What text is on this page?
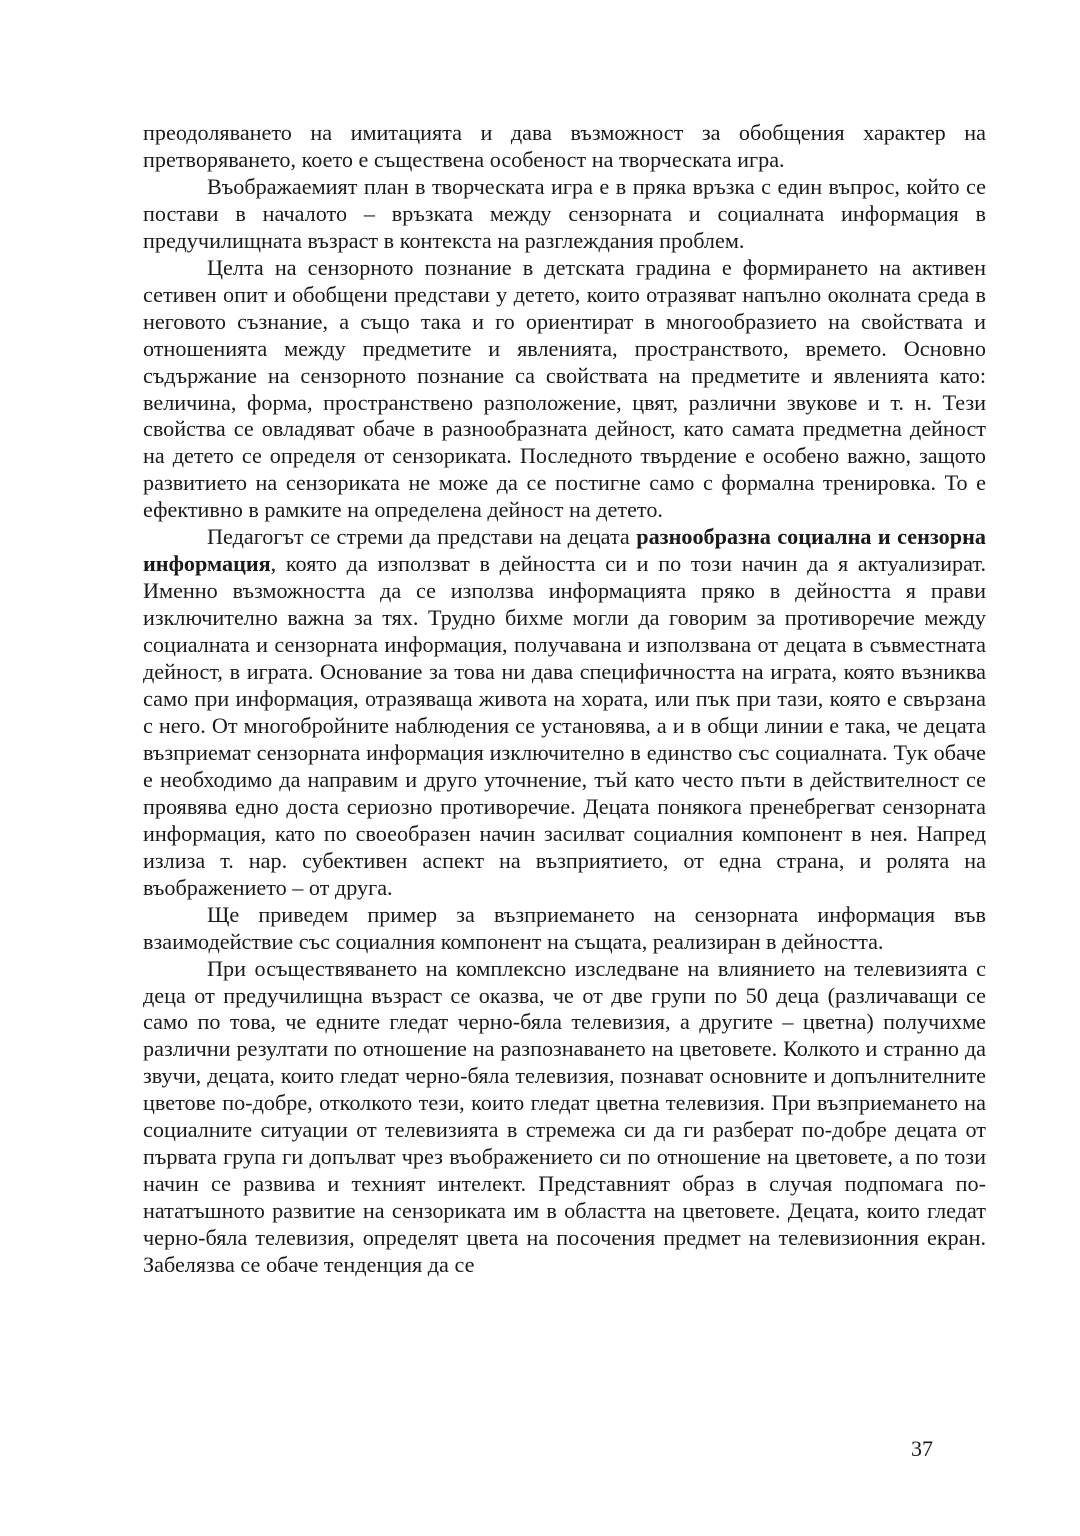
преодоляването на имитацията и дава възможност за обобщения характер на претворяването, което е съществена особеност на творческата игра.

Въображаемият план в творческата игра е в пряка връзка с един въпрос, който се постави в началото – връзката между сензорната и социалната информация в предучилищната възраст в контекста на разглеждания проблем.

Целта на сензорното познание в детската градина е формирането на активен сетивен опит и обобщени представи у детето, които отразяват напълно околната среда в неговото съзнание, а също така и го ориентират в многообразието на свойствата и отношенията между предметите и явленията, пространството, времето. Основно съдържание на сензорното познание са свойствата на предметите и явленията като: величина, форма, пространствено разположение, цвят, различни звукове и т. н. Тези свойства се овладяват обаче в разнообразната дейност, като самата предметна дейност на детето се определя от сензориката. Последното твърдение е особено важно, защото развитието на сензориката не може да се постигне само с формална тренировка. То е ефективно в рамките на определена дейност на детето.

Педагогът се стреми да представи на децата разнообразна социална и сензорна информация, която да използват в дейността си и по този начин да я актуализират. Именно възможността да се използва информацията пряко в дейността я прави изключително важна за тях. Трудно бихме могли да говорим за противоречие между социалната и сензорната информация, получавана и използвана от децата в съвместната дейност, в играта. Основание за това ни дава специфичността на играта, която възниква само при информация, отразяваща живота на хората, или пък при тази, която е свързана с него. От многобройните наблюдения се установява, а и в общи линии е така, че децата възприемат сензорната информация изключително в единство със социалната. Тук обаче е необходимо да направим и друго уточнение, тъй като често пъти в действителност се проявява едно доста сериозно противоречие. Децата понякога пренебрегват сензорната информация, като по своеобразен начин засилват социалния компонент в нея. Напред излиза т. нар. субективен аспект на възприятието, от една страна, и ролята на въображението – от друга.

Ще приведем пример за възприемането на сензорната информация във взаимодействие със социалния компонент на същата, реализиран в дейността.

При осъществяването на комплексно изследване на влиянието на телевизията с деца от предучилищна възраст се оказва, че от две групи по 50 деца (различаващи се само по това, че едните гледат черно-бяла телевизия, а другите – цветна) получихме различни резултати по отношение на разпознаването на цветовете. Колкото и странно да звучи, децата, които гледат черно-бяла телевизия, познават основните и допълнителните цветове по-добре, отколкото тези, които гледат цветна телевизия. При възприемането на социалните ситуации от телевизията в стремежа си да ги разберат по-добре децата от първата група ги допълват чрез въображението си по отношение на цветовете, а по този начин се развива и техният интелект. Представният образ в случая подпомага по-нататъшното развитие на сензориката им в областта на цветовете. Децата, които гледат черно-бяла телевизия, определят цвета на посочения предмет на телевизионния екран. Забелязва се обаче тенденция да се

37
